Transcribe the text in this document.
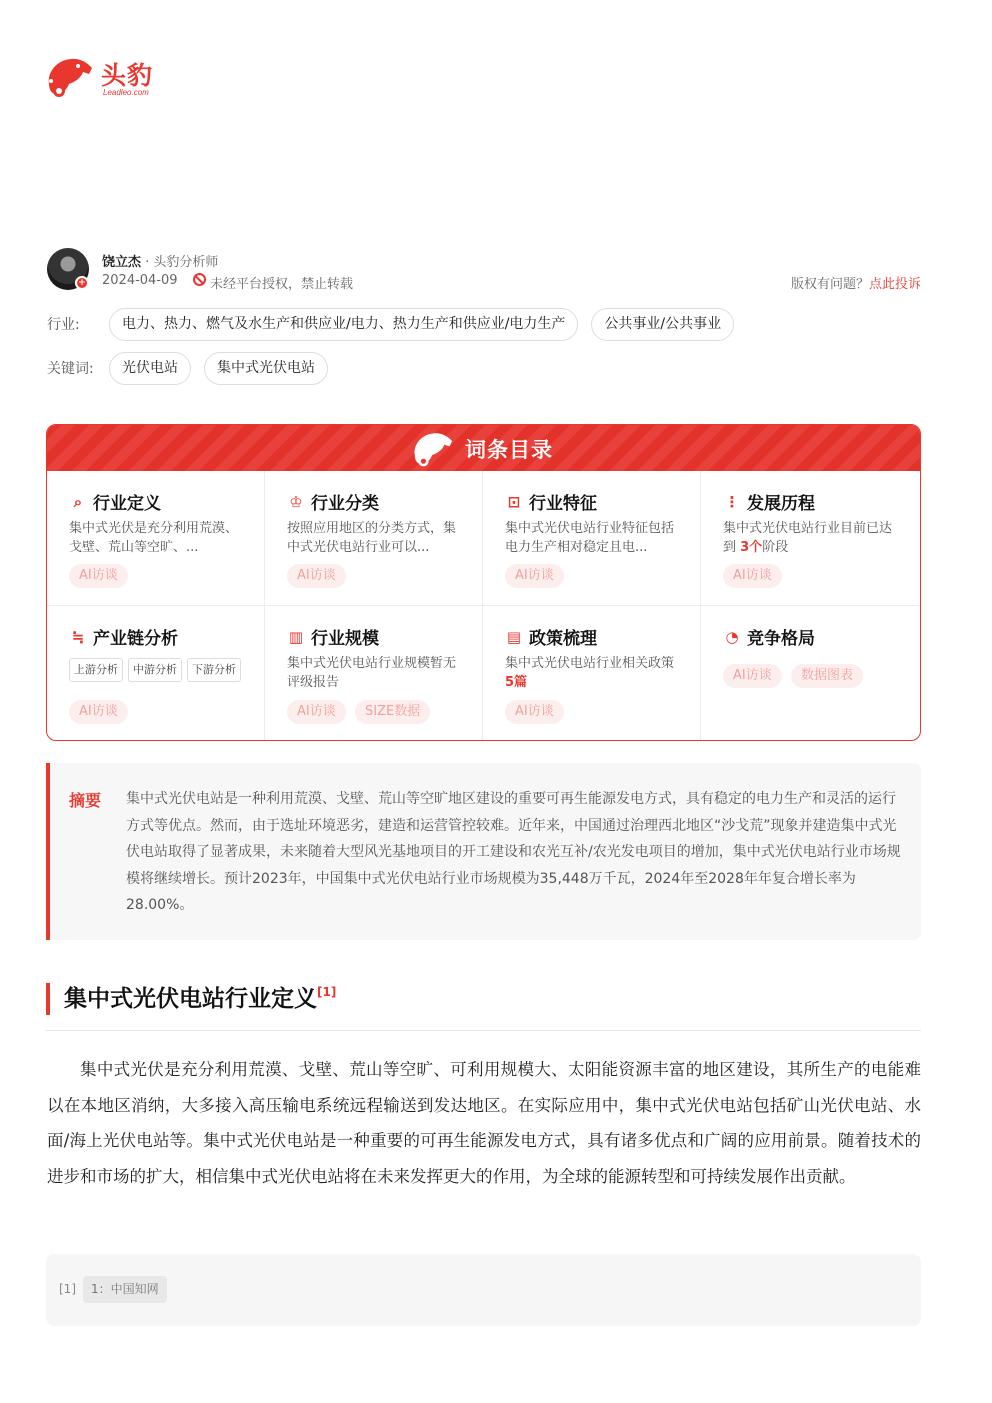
头豹
Leadleo.com
+
饶立杰 · 头豹分析师
2024-04-09 未经平台授权，禁止转载	版权有问题？点此投诉
行业:	电力、热力、燃气及水生产和供应业/电力、热力生产和供应业/电力生产	公共事业/公共事业
关键词:	光伏电站	集中式光伏电站
词条目录
⌕ 行业定义
集中式光伏是充分利用荒漠、戈壁、荒山等空旷、...
AI访谈
♔ 行业分类
按照应用地区的分类方式，集中式光伏电站行业可以...
AI访谈
⊡ 行业特征
集中式光伏电站行业特征包括电力生产相对稳定且电...
AI访谈
⋮ 发展历程
集中式光伏电站行业目前已达到 3个阶段
AI访谈
≒ 产业链分析
上游分析	中游分析	下游分析
AI访谈
▥ 行业规模
集中式光伏电站行业规模暂无评级报告
AI访谈	SIZE数据
▤ 政策梳理
集中式光伏电站行业相关政策 5篇
AI访谈
◔ 竞争格局
AI访谈	数据图表
摘要 集中式光伏电站是一种利用荒漠、戈壁、荒山等空旷地区建设的重要可再生能源发电方式，具有稳定的电力生产和灵活的运行方式等优点。然而，由于选址环境恶劣，建造和运营管控较难。近年来，中国通过治理西北地区“沙戈荒”现象并建造集中式光伏电站取得了显著成果，未来随着大型风光基地项目的开工建设和农光互补/农光发电项目的增加，集中式光伏电站行业市场规模将继续增长。预计2023年，中国集中式光伏电站行业市场规模为35,448万千瓦，2024年至2028年年复合增长率为28.00%。
集中式光伏电站行业定义[1]
集中式光伏是充分利用荒漠、戈壁、荒山等空旷、可利用规模大、太阳能资源丰富的地区建设，其所生产的电能难以在本地区消纳，大多接入高压输电系统远程输送到发达地区。在实际应用中，集中式光伏电站包括矿山光伏电站、水面/海上光伏电站等。集中式光伏电站是一种重要的可再生能源发电方式，具有诸多优点和广阔的应用前景。随着技术的进步和市场的扩大，相信集中式光伏电站将在未来发挥更大的作用，为全球的能源转型和可持续发展作出贡献。
[1]	1：中国知网
